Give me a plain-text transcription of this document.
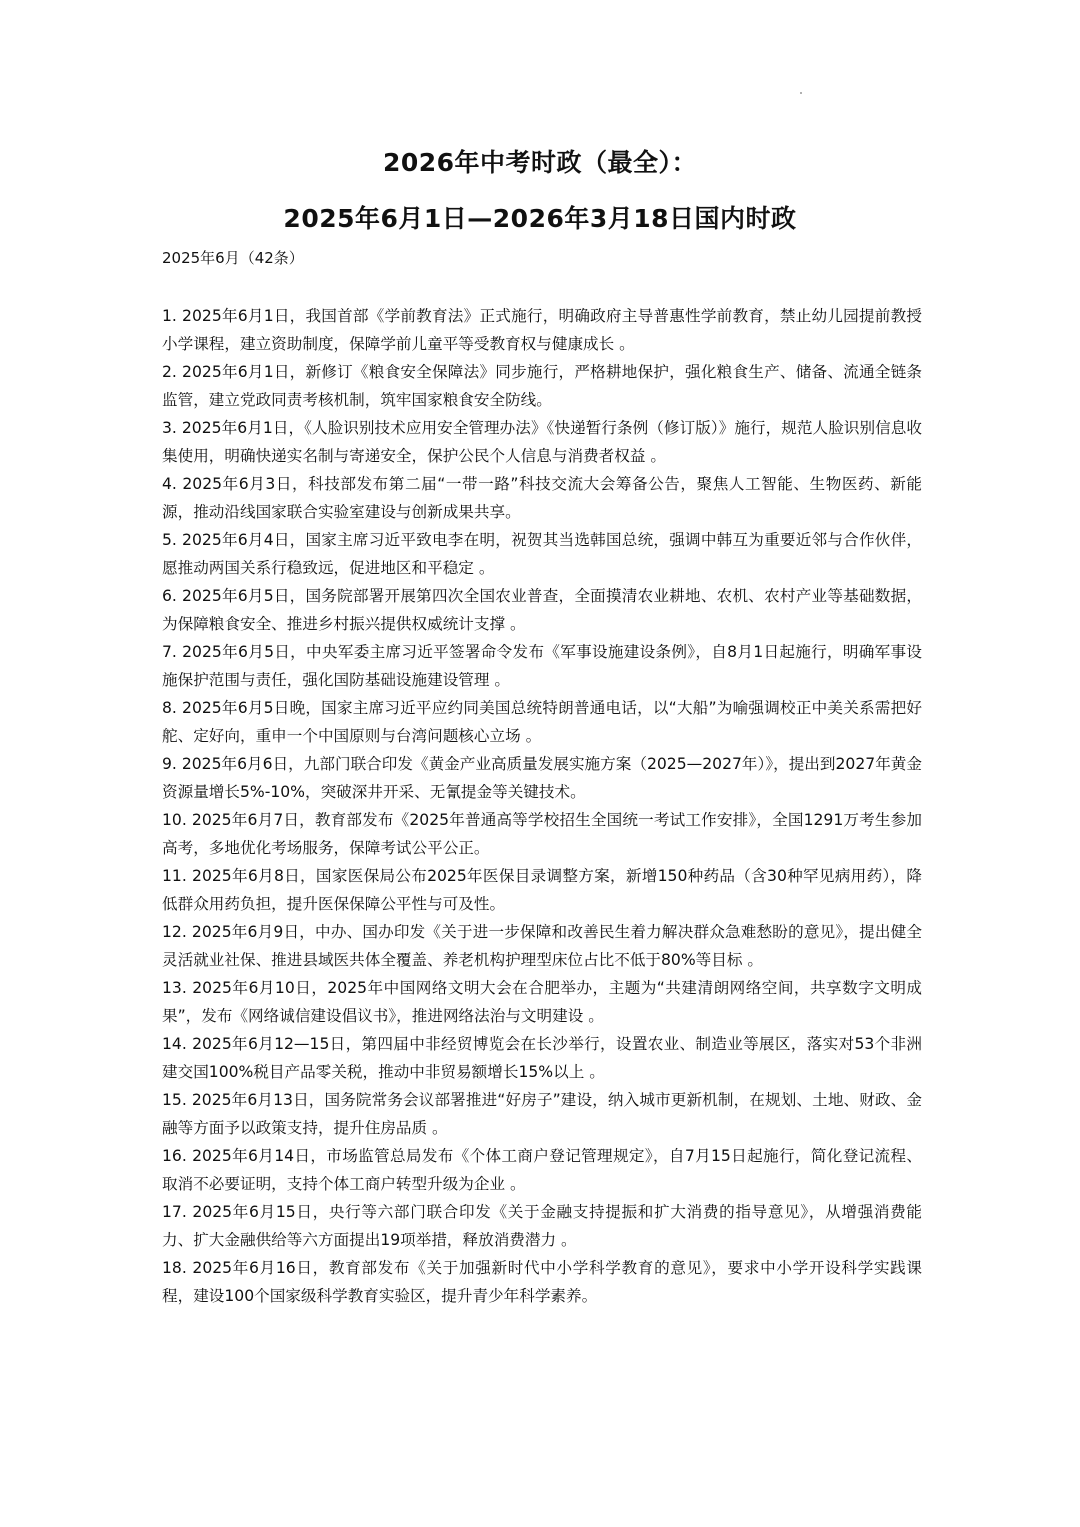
2026年中考时政（最全）：
2025年6月1日—2026年3月18日国内时政
2025年6月（42条）
1. 2025年6月1日，我国首部《学前教育法》正式施行，明确政府主导普惠性学前教育，禁止幼儿园提前教授小学课程，建立资助制度，保障学前儿童平等受教育权与健康成长 。
2. 2025年6月1日，新修订《粮食安全保障法》同步施行，严格耕地保护，强化粮食生产、储备、流通全链条监管，建立党政同责考核机制，筑牢国家粮食安全防线。
3. 2025年6月1日，《人脸识别技术应用安全管理办法》《快递暂行条例（修订版）》施行，规范人脸识别信息收集使用，明确快递实名制与寄递安全，保护公民个人信息与消费者权益 。
4. 2025年6月3日，科技部发布第二届“一带一路”科技交流大会筹备公告，聚焦人工智能、生物医药、新能源，推动沿线国家联合实验室建设与创新成果共享。
5. 2025年6月4日，国家主席习近平致电李在明，祝贺其当选韩国总统，强调中韩互为重要近邻与合作伙伴，愿推动两国关系行稳致远，促进地区和平稳定 。
6. 2025年6月5日，国务院部署开展第四次全国农业普查，全面摸清农业耕地、农机、农村产业等基础数据，为保障粮食安全、推进乡村振兴提供权威统计支撑 。
7. 2025年6月5日，中央军委主席习近平签署命令发布《军事设施建设条例》，自8月1日起施行，明确军事设施保护范围与责任，强化国防基础设施建设管理 。
8. 2025年6月5日晚，国家主席习近平应约同美国总统特朗普通电话，以“大船”为喻强调校正中美关系需把好舵、定好向，重申一个中国原则与台湾问题核心立场 。
9. 2025年6月6日，九部门联合印发《黄金产业高质量发展实施方案（2025—2027年）》，提出到2027年黄金资源量增长5%-10%，突破深井开采、无氰提金等关键技术。
10. 2025年6月7日，教育部发布《2025年普通高等学校招生全国统一考试工作安排》，全国1291万考生参加高考，多地优化考场服务，保障考试公平公正。
11. 2025年6月8日，国家医保局公布2025年医保目录调整方案，新增150种药品（含30种罕见病用药），降低群众用药负担，提升医保保障公平性与可及性。
12. 2025年6月9日，中办、国办印发《关于进一步保障和改善民生着力解决群众急难愁盼的意见》，提出健全灵活就业社保、推进县域医共体全覆盖、养老机构护理型床位占比不低于80%等目标 。
13. 2025年6月10日，2025年中国网络文明大会在合肥举办，主题为“共建清朗网络空间，共享数字文明成果”，发布《网络诚信建设倡议书》，推进网络法治与文明建设 。
14. 2025年6月12—15日，第四届中非经贸博览会在长沙举行，设置农业、制造业等展区，落实对53个非洲建交国100%税目产品零关税，推动中非贸易额增长15%以上 。
15. 2025年6月13日，国务院常务会议部署推进“好房子”建设，纳入城市更新机制，在规划、土地、财政、金融等方面予以政策支持，提升住房品质 。
16. 2025年6月14日，市场监管总局发布《个体工商户登记管理规定》，自7月15日起施行，简化登记流程、取消不必要证明，支持个体工商户转型升级为企业 。
17. 2025年6月15日，央行等六部门联合印发《关于金融支持提振和扩大消费的指导意见》，从增强消费能力、扩大金融供给等六方面提出19项举措，释放消费潜力 。
18. 2025年6月16日，教育部发布《关于加强新时代中小学科学教育的意见》，要求中小学开设科学实践课程，建设100个国家级科学教育实验区，提升青少年科学素养。
